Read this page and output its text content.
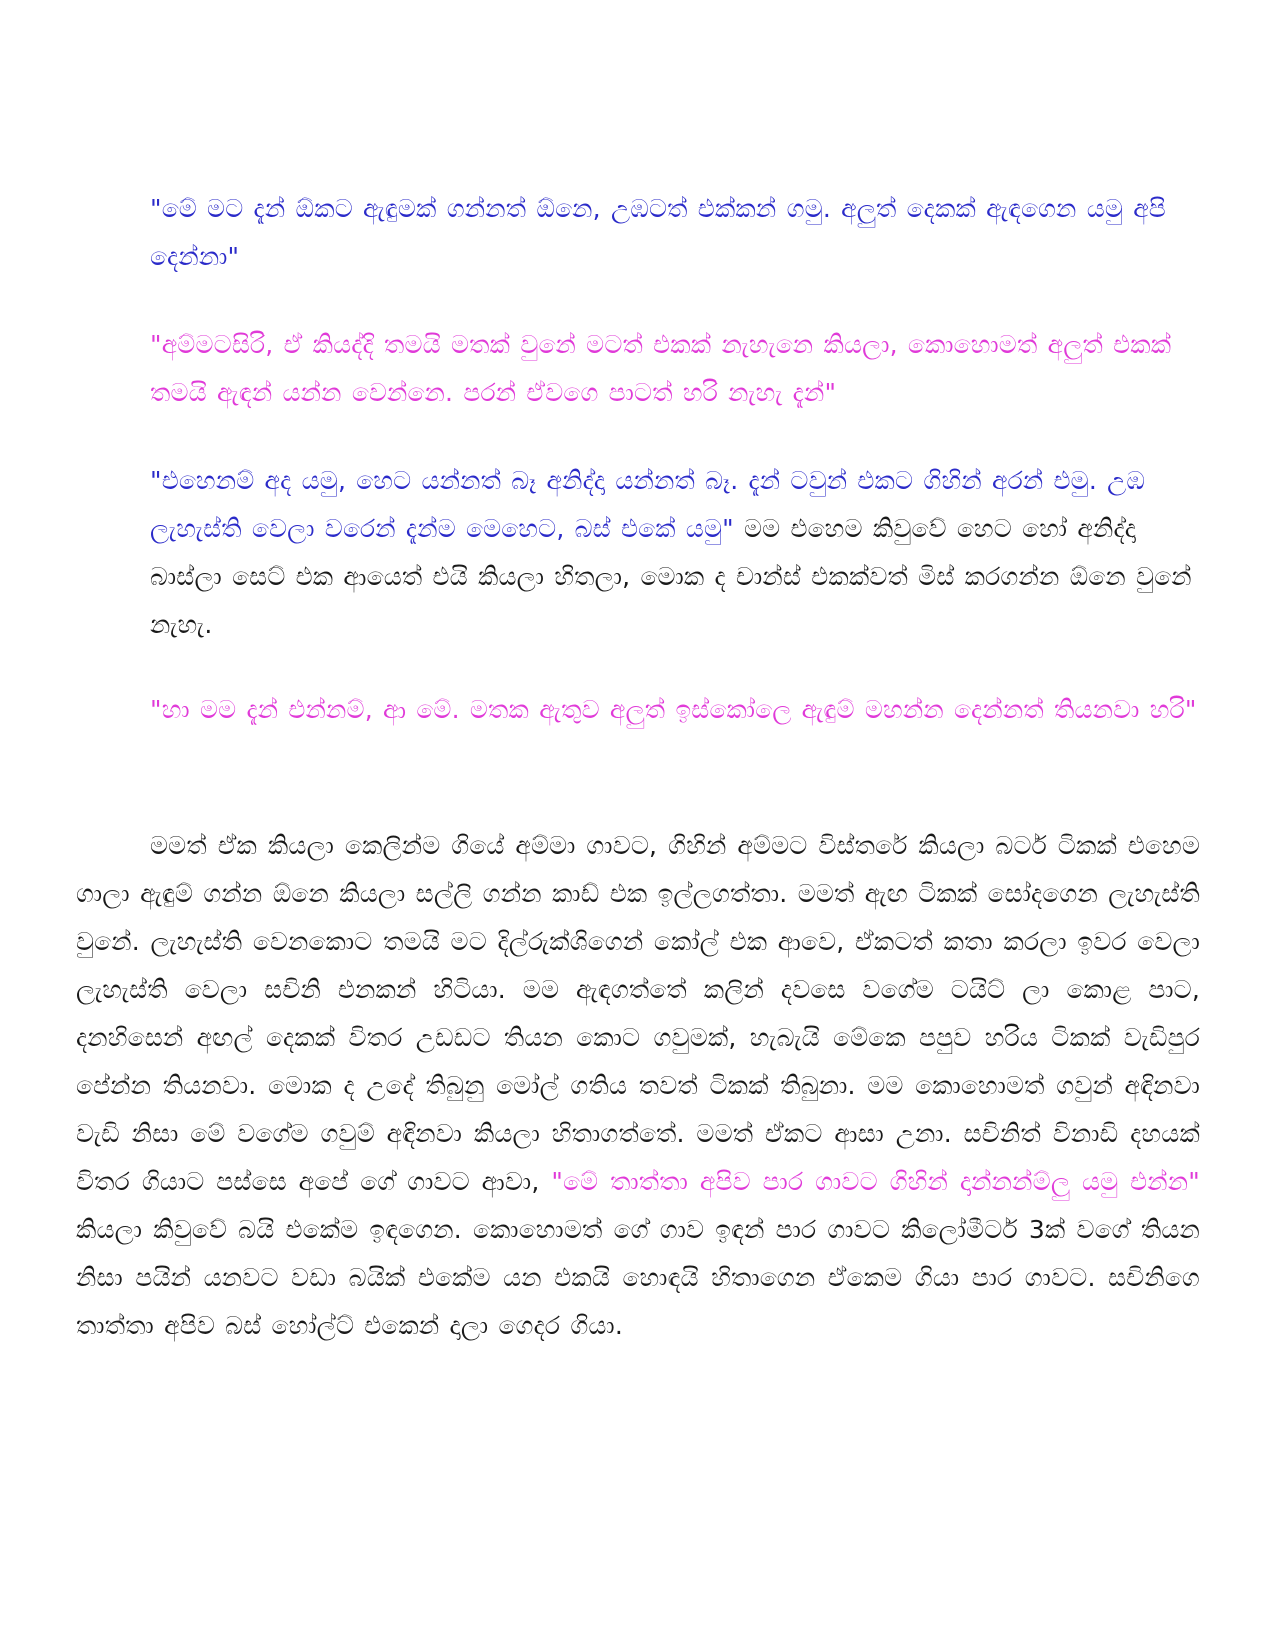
"මේ මට දැන් ඕකට ඇඳුමක් ගන්නත් ඕනෙ, උඹටත් එක්කන් ගමු. අලුත් දෙකක් ඇඳගෙන යමු අපි දෙන්නා"

"අම්මටසිරි, ඒ කියද්දි තමයි මතක් වුනේ මටත් එකක් නැහැනෙ කියලා, කොහොමත් අලුත් එකක් තමයි ඇඳන් යන්න වෙන්නෙ. පරන් ඒවගෙ පාටත් හරි නැහැ දැන්"

"එහෙනම් අද යමු, හෙට යන්නත් බෑ අනිද්දා යන්නත් බෑ. දැන් ටවුන් එකට ගිහින් අරන් එමු. උඹ ලැහැස්ති වෙලා වරෙන් දැන්ම මෙහෙට, බස් එකේ යමු" මම එහෙම කිවුවේ හෙට හෝ අනිද්දා බාස්ලා සෙට් එක ආයෙත් එයි කියලා හිතලා, මොක ද චාන්ස් එකක්වත් මිස් කරගන්න ඕනෙ වුනේ නැහැ.

"හා මම දැන් එන්නම්, ආ මේ. මතක ඇතුව අලුත් ඉස්කෝලෙ ඇඳුම් මහන්න දෙන්නත් තියනවා හරි"

මමත් ඒක කියලා කෙලින්ම ගියේ අම්මා ගාවට, ගිහින් අම්මට විස්තරේ කියලා බටර් ටිකක් එහෙම ගාලා ඇඳුම් ගන්න ඕනෙ කියලා සල්ලි ගන්න කාඩ් එක ඉල්ලගත්තා. මමත් ඇඟ ටිකක් සෝදගෙන ලැහැස්ති වුනේ. ලැහැස්ති වෙනකොට තමයි මට දිල්රුක්ශිගෙන් කෝල් එක ආවෙ, ඒකටත් කතා කරලා ඉවර වෙලා ලැහැස්ති වෙලා සචිනි එනකන් හිටියා. මම ඇඳගත්තේ කලින් දවසෙ වගේම ටයිට් ලා කොළ පාට, දනහිසෙන් අඟල් දෙකක් විතර උඩඩට තියන කොට ගවුමක්, හැබැයි මේකෙ පපුව හරිය ටිකක් වැඩිපුර පේන්න තියනවා. මොක ද උදේ තිබුනු මෝල් ගතිය තවත් ටිකක් තිබුනා. මම කොහොමත් ගවුන් අඳිනවා වැඩි නිසා මේ වගේම ගවුම් අඳිනවා කියලා හිතාගත්තේ. මමත් ඒකට ආසා උනා. සචිනිත් විනාඩි දහයක් විතර ගියාට පස්සෙ අපේ ගේ ගාවට ආවා, "මේ තාත්තා අපිව පාර ගාවට ගිහින් දාන්නන්ම්ලු යමු එන්න" කියලා කිවුවේ බයි එකේම ඉඳගෙන. කොහොමත් ගේ ගාව ඉඳන් පාර ගාවට කිලෝමීටර් 3ක් වගේ තියන නිසා පයින් යනවට වඩා බයික් එකේම යන එකයි හොඳයි හිතාගෙන ඒකෙම ගියා පාර ගාවට. සචිනිගෙ තාත්තා අපිව බස් හෝල්ට් එකෙන් දාලා ගෙදර ගියා.
